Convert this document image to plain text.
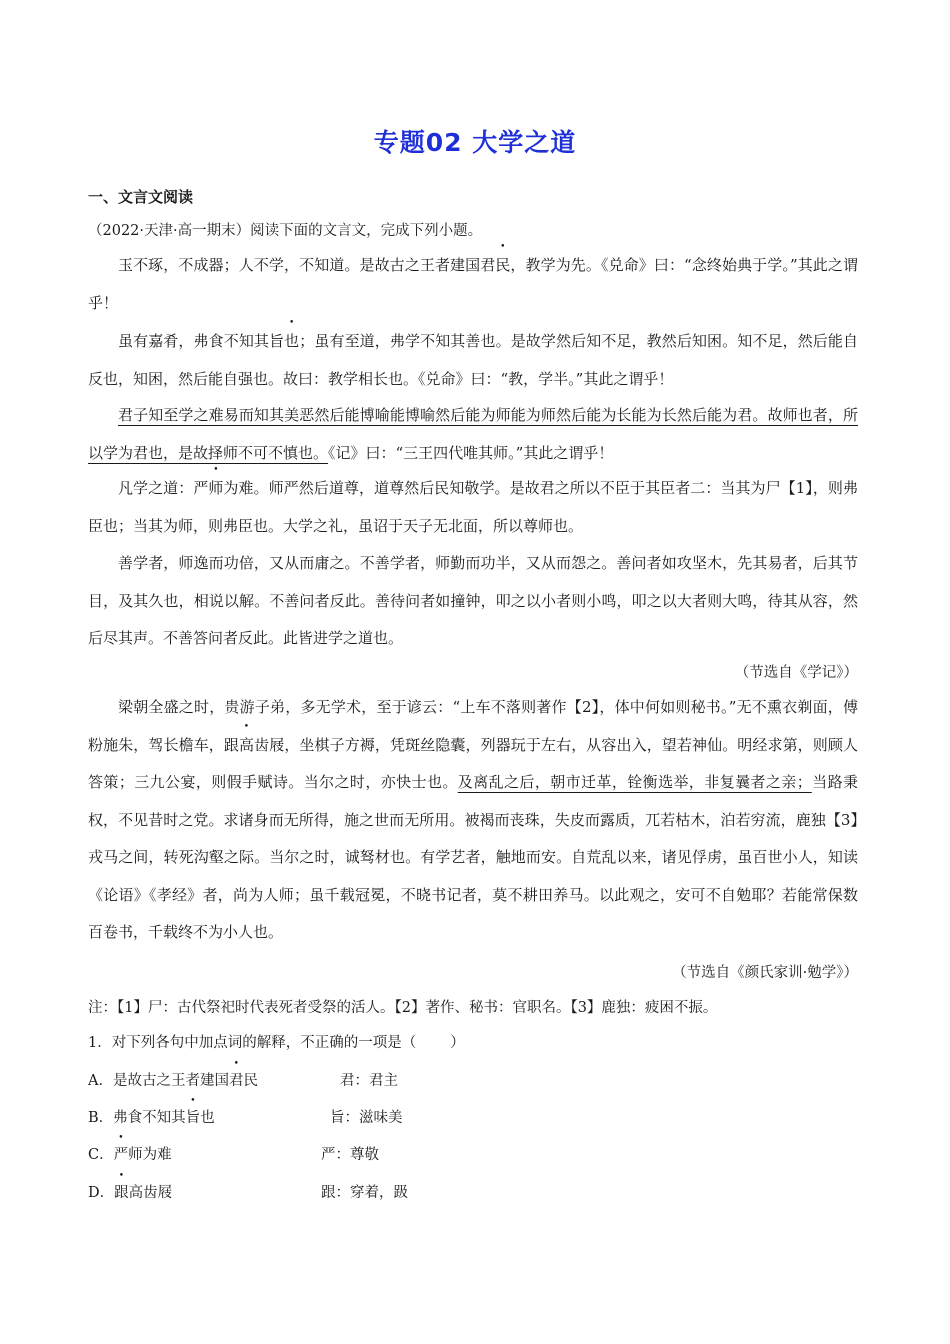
专题02 大学之道
一、文言文阅读
（2022·天津·高一期末）阅读下面的文言文，完成下列小题。

玉不琢，不成器；人不学，不知道。是故古之王者建国君民，教学为先。《兑命》曰：“念终始典于学。”其此之谓乎！

虽有嘉肴，弗食不知其旨也；虽有至道，弗学不知其善也。是故学然后知不足，教然后知困。知不足，然后能自反也，知困，然后能自强也。故曰：教学相长也。《兑命》曰：“教，学半。”其此之谓乎！

君子知至学之难易而知其美恶然后能博喻能博喻然后能为师能为师然后能为长能为长然后能为君。故师也者，所以学为君也，是故择师不可不慎也。《记》曰：“三王四代唯其师。”其此之谓乎！

凡学之道：严师为难。师严然后道尊，道尊然后民知敬学。是故君之所以不臣于其臣者二：当其为尸【1】，则弗臣也；当其为师，则弗臣也。大学之礼，虽诏于天子无北面，所以尊师也。

善学者，师逸而功倍，又从而庸之。不善学者，师勤而功半，又从而怨之。善问者如攻坚木，先其易者，后其节目，及其久也，相说以解。不善问者反此。善待问者如撞钟，叩之以小者则小鸣，叩之以大者则大鸣，待其从容，然后尽其声。不善答问者反此。此皆进学之道也。

（节选自《学记》）

梁朝全盛之时，贵游子弟，多无学术，至于谚云：“上车不落则著作【2】，体中何如则秘书。”无不熏衣剃面，傅粉施朱，驾长檐车，跟高齿屐，坐棋子方褥，凭斑丝隐囊，列器玩于左右，从容出入，望若神仙。明经求第，则顾人答策；三九公宴，则假手赋诗。当尔之时，亦快士也。及离乱之后，朝市迁革，铨衡选举，非复曩者之亲；当路秉权，不见昔时之党。求诸身而无所得，施之世而无所用。被褐而丧珠，失皮而露质，兀若枯木，泊若穷流，鹿独【3】戎马之间，转死沟壑之际。当尔之时，诚驽材也。有学艺者，触地而安。自荒乱以来，诸见俘虏，虽百世小人，知读《论语》《孝经》者，尚为人师；虽千载冠冕，不晓书记者，莫不耕田养马。以此观之，安可不自勉耶？若能常保数百卷书，千载终不为小人也。

（节选自《颜氏家训·勉学》）
注：【1】尸：古代祭祀时代表死者受祭的活人。【2】著作、秘书：官职名。【3】鹿独：疲困不振。
1．对下列各句中加点词的解释，不正确的一项是（ ）
A．是故古之王者建国君民	君：君主
B．弗食不知其旨也	旨：滋味美
C．严师为难	严：尊敬
D．跟高齿屐	跟：穿着，趿
